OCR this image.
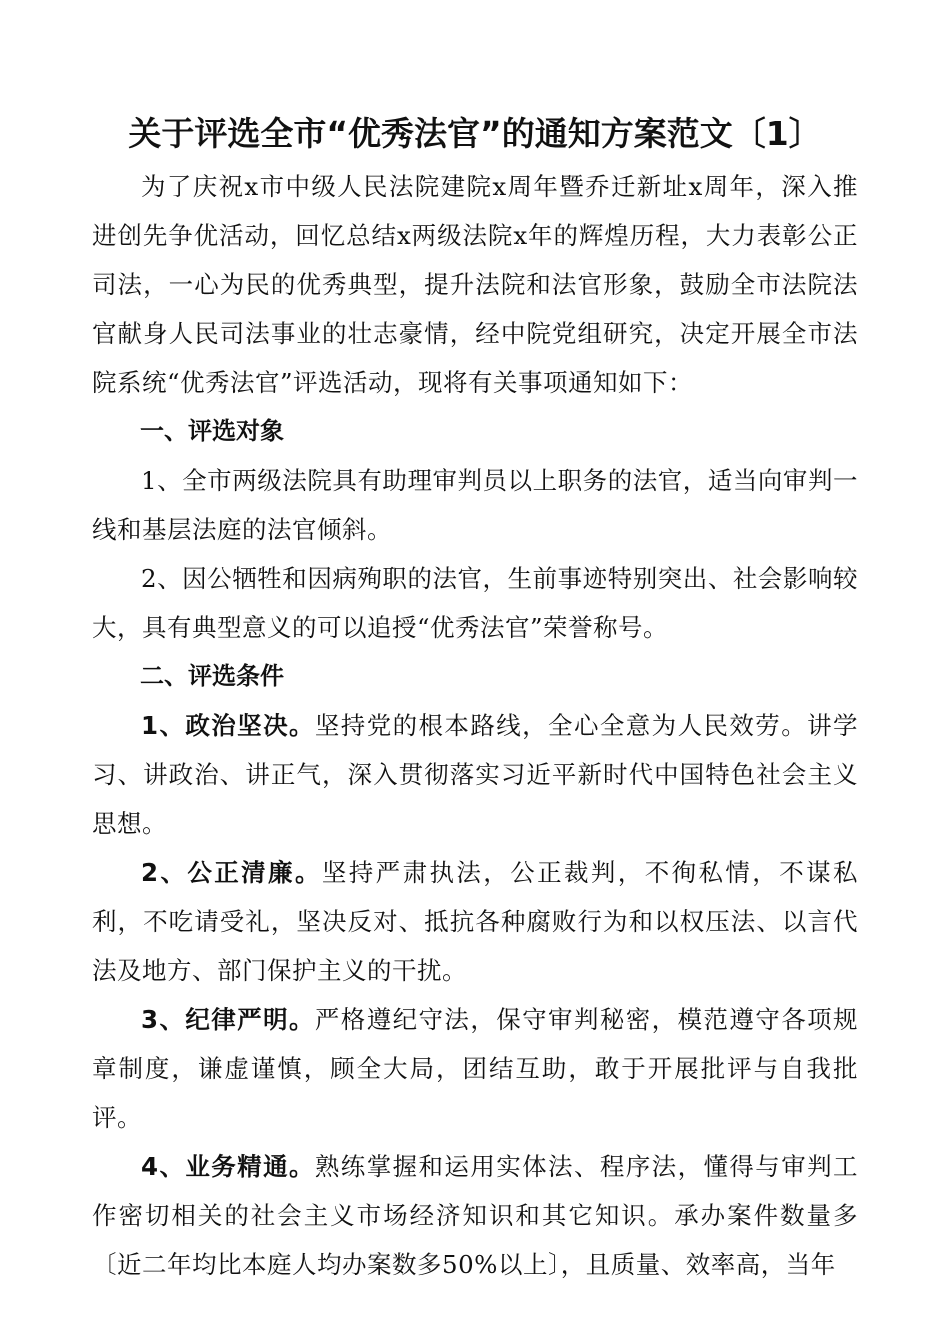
关于评选全市“优秀法官”的通知方案范文〔1〕

为了庆祝x市中级人民法院建院x周年暨乔迁新址x周年，深入推进创先争优活动，回忆总结x两级法院x年的辉煌历程，大力表彰公正司法，一心为民的优秀典型，提升法院和法官形象，鼓励全市法院法官献身人民司法事业的壮志豪情，经中院党组研究，决定开展全市法院系统“优秀法官”评选活动，现将有关事项通知如下：

一、评选对象

1、全市两级法院具有助理审判员以上职务的法官，适当向审判一线和基层法庭的法官倾斜。

2、因公牺牲和因病殉职的法官，生前事迹特别突出、社会影响较大，具有典型意义的可以追授“优秀法官”荣誉称号。

二、评选条件

1、政治坚决。坚持党的根本路线，全心全意为人民效劳。讲学习、讲政治、讲正气，深入贯彻落实习近平新时代中国特色社会主义思想。

2、公正清廉。坚持严肃执法，公正裁判，不徇私情，不谋私利，不吃请受礼，坚决反对、抵抗各种腐败行为和以权压法、以言代法及地方、部门保护主义的干扰。

3、纪律严明。严格遵纪守法，保守审判秘密，模范遵守各项规章制度，谦虚谨慎，顾全大局，团结互助，敢于开展批评与自我批评。

4、业务精通。熟练掌握和运用实体法、程序法，懂得与审判工作密切相关的社会主义市场经济知识和其它知识。承办案件数量多〔近二年均比本庭人均办案数多50%以上〕，且质量、效率高，当年
